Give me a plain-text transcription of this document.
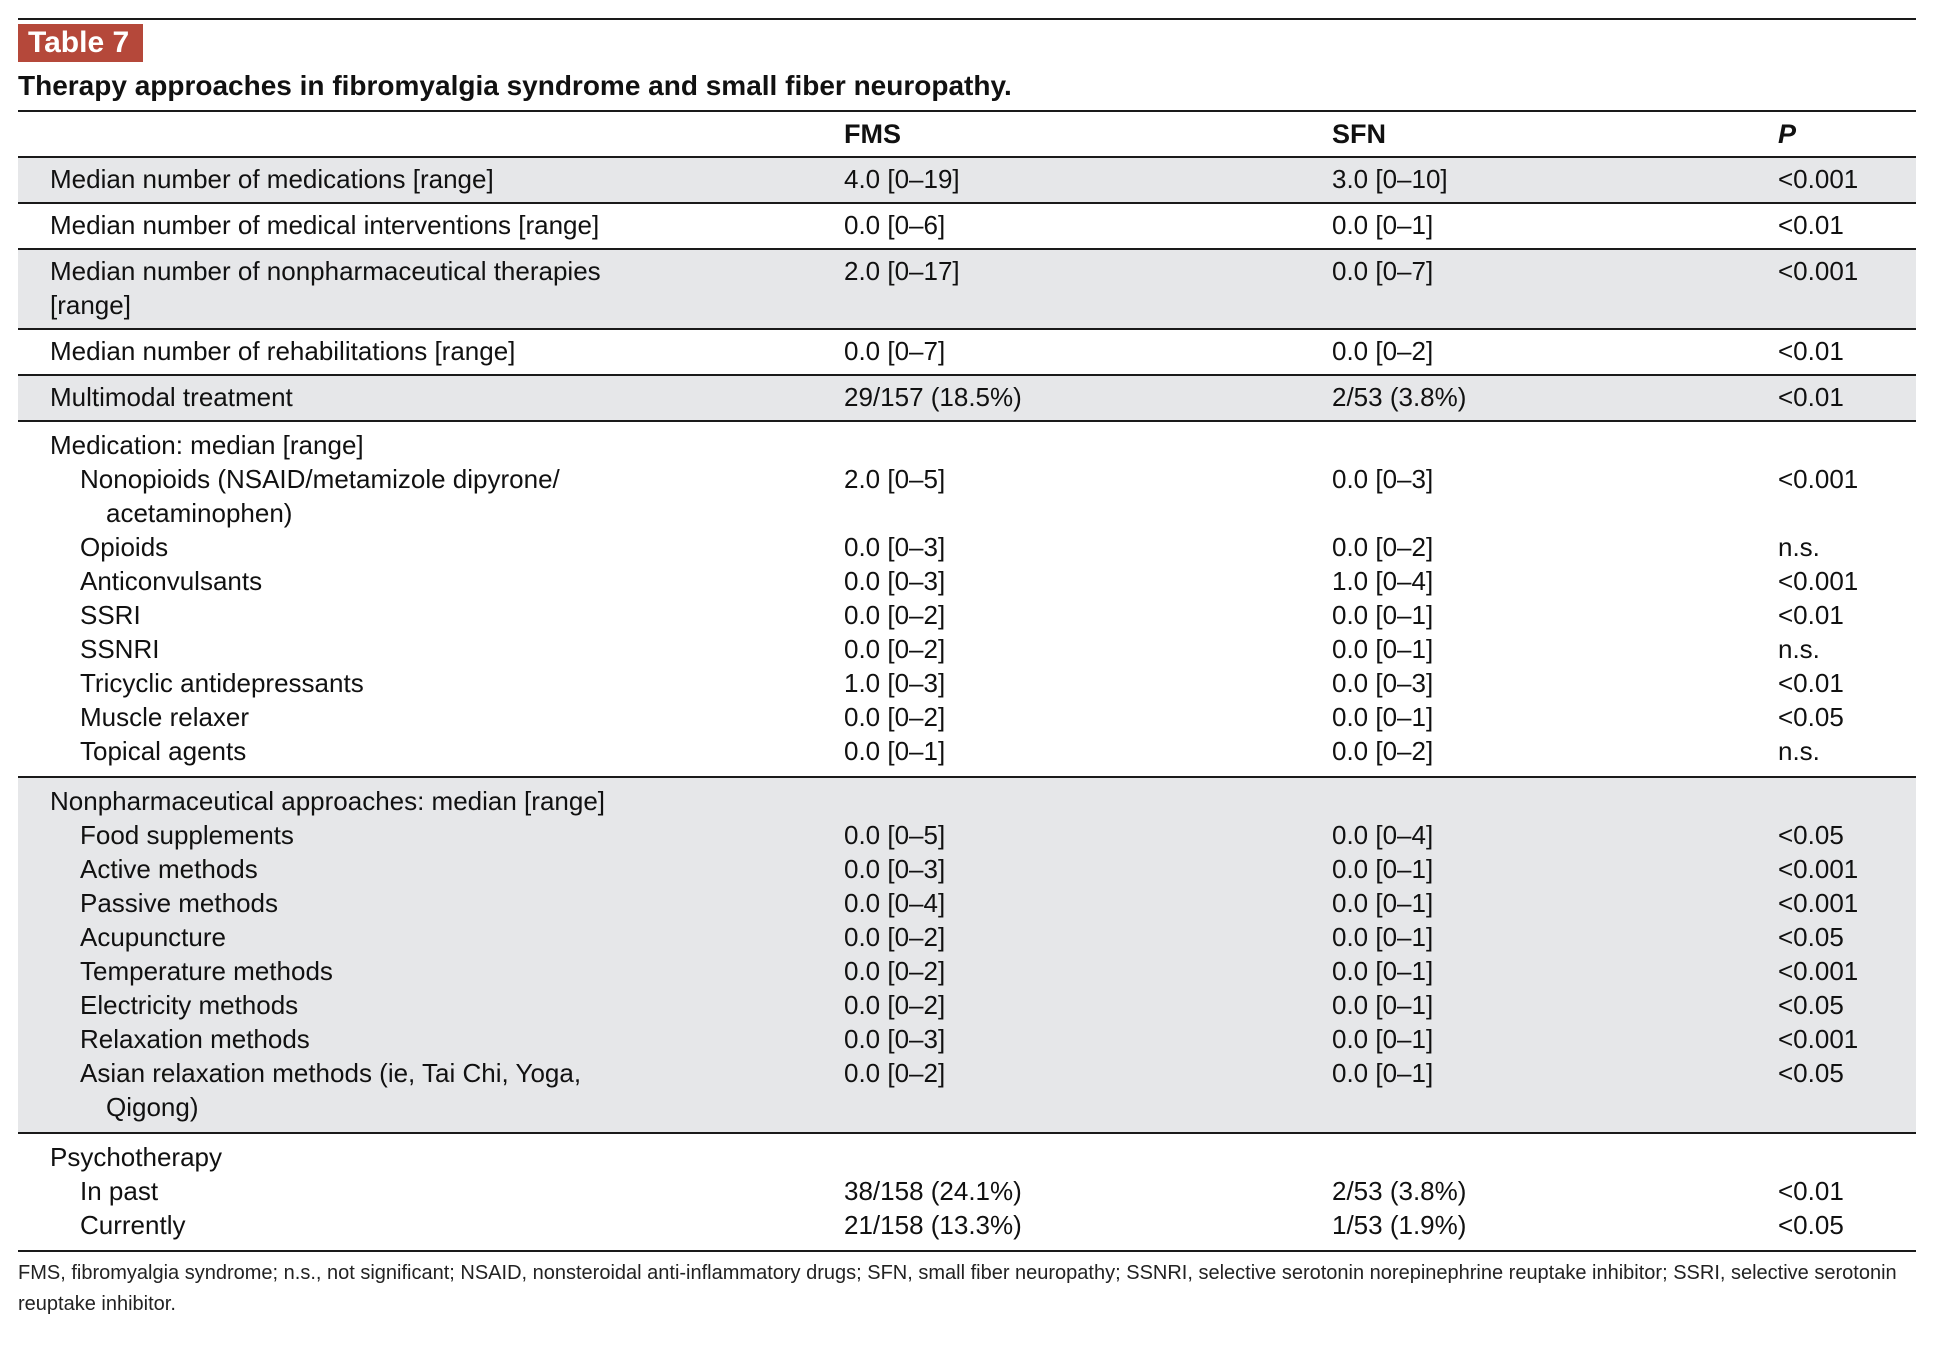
Table 7
Therapy approaches in fibromyalgia syndrome and small fiber neuropathy.
	FMS	SFN	P
Median number of medications [range]	4.0 [0–19]	3.0 [0–10]	<0.001
Median number of medical interventions [range]	0.0 [0–6]	0.0 [0–1]	<0.01
Median number of nonpharmaceutical therapies
[range]	2.0 [0–17]	0.0 [0–7]	<0.001
Median number of rehabilitations [range]	0.0 [0–7]	0.0 [0–2]	<0.01
Multimodal treatment	29/157 (18.5%)	2/53 (3.8%)	<0.01
Medication: median [range]			
Nonopioids (NSAID/metamizole dipyrone/
acetaminophen)	2.0 [0–5]	0.0 [0–3]	<0.001
Opioids	0.0 [0–3]	0.0 [0–2]	n.s.
Anticonvulsants	0.0 [0–3]	1.0 [0–4]	<0.001
SSRI	0.0 [0–2]	0.0 [0–1]	<0.01
SSNRI	0.0 [0–2]	0.0 [0–1]	n.s.
Tricyclic antidepressants	1.0 [0–3]	0.0 [0–3]	<0.01
Muscle relaxer	0.0 [0–2]	0.0 [0–1]	<0.05
Topical agents	0.0 [0–1]	0.0 [0–2]	n.s.
Nonpharmaceutical approaches: median [range]			
Food supplements	0.0 [0–5]	0.0 [0–4]	<0.05
Active methods	0.0 [0–3]	0.0 [0–1]	<0.001
Passive methods	0.0 [0–4]	0.0 [0–1]	<0.001
Acupuncture	0.0 [0–2]	0.0 [0–1]	<0.05
Temperature methods	0.0 [0–2]	0.0 [0–1]	<0.001
Electricity methods	0.0 [0–2]	0.0 [0–1]	<0.05
Relaxation methods	0.0 [0–3]	0.0 [0–1]	<0.001
Asian relaxation methods (ie, Tai Chi, Yoga,
Qigong)	0.0 [0–2]	0.0 [0–1]	<0.05
Psychotherapy			
In past	38/158 (24.1%)	2/53 (3.8%)	<0.01
Currently	21/158 (13.3%)	1/53 (1.9%)	<0.05
FMS, fibromyalgia syndrome; n.s., not significant; NSAID, nonsteroidal anti-inflammatory drugs; SFN, small fiber neuropathy; SSNRI, selective serotonin norepinephrine reuptake inhibitor; SSRI, selective serotonin reuptake inhibitor.
